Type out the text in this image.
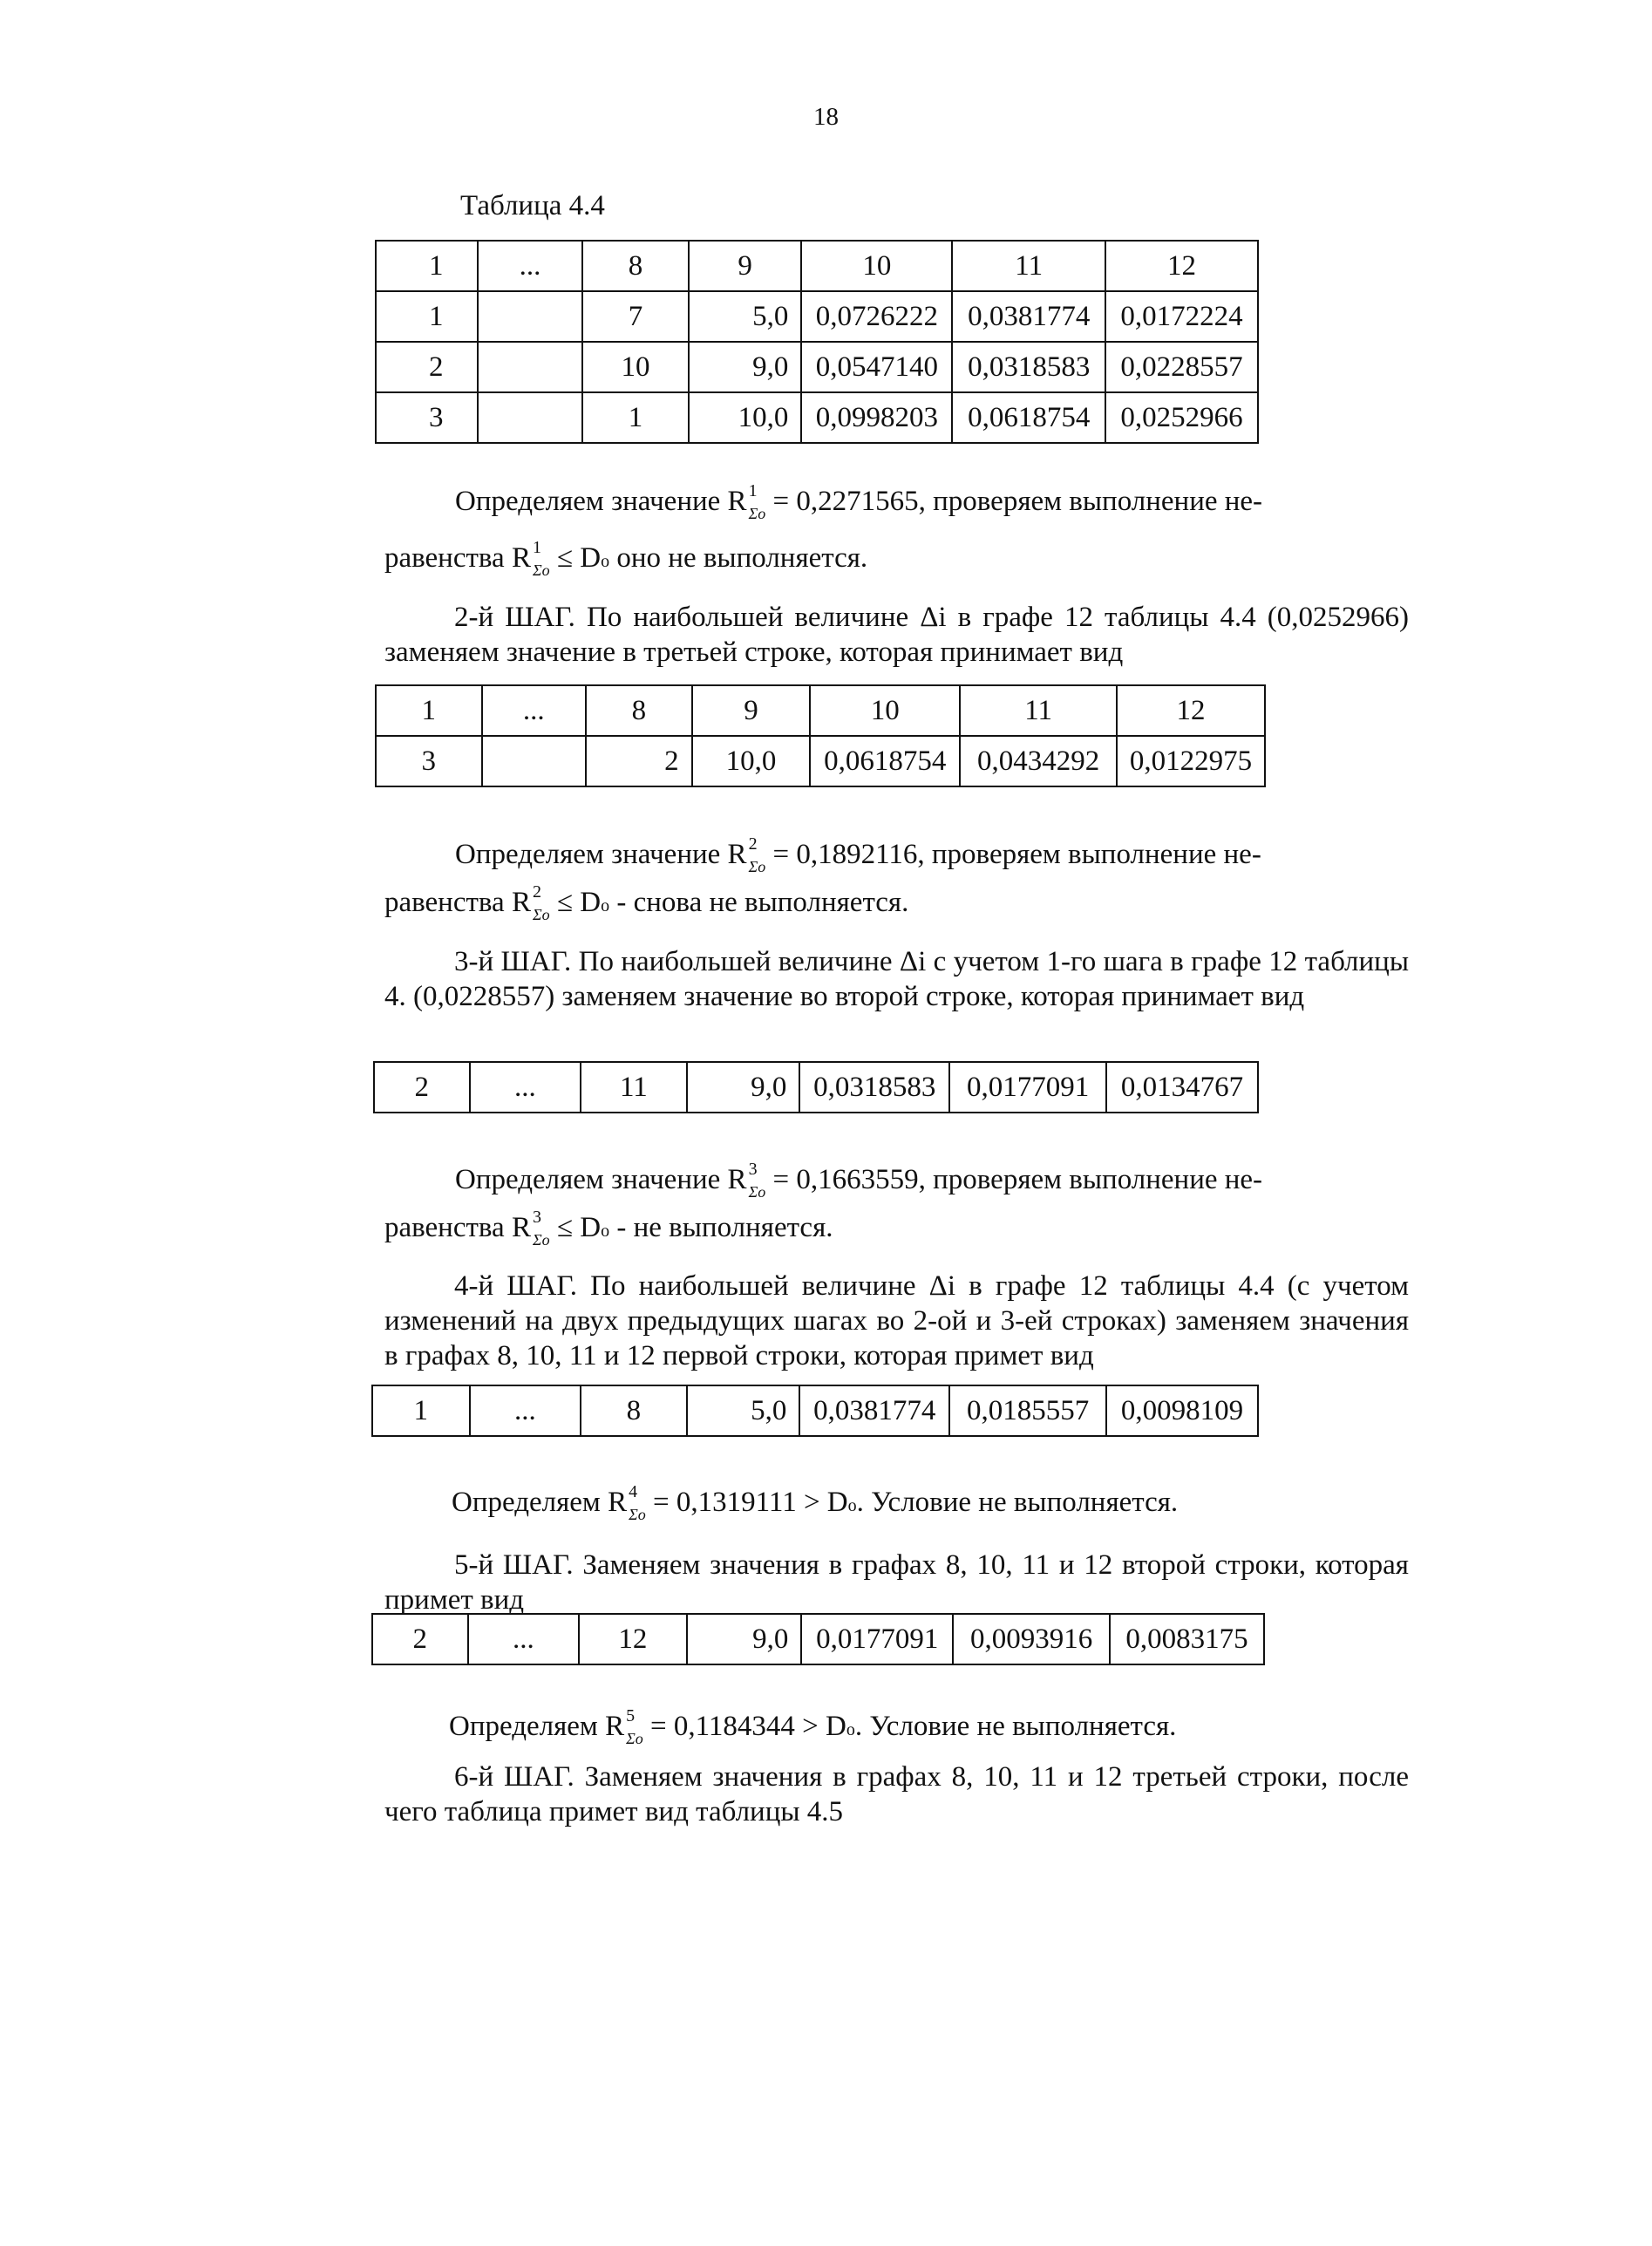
18
Таблица 4.4
1	...	8	9	10	11	12
1		7	5,0	0,0726222	0,0381774	0,0172224
2		10	9,0	0,0547140	0,0318583	0,0228557
3		1	10,0	0,0998203	0,0618754	0,0252966
Определяем значение R $^1_{\Sigma o}$ = 0,2271565, проверяем выполнение не-
равенства R $^1_{\Sigma o}$ ≤ Do оно не выполняется.
2-й ШАГ. По наибольшей величине Δi в графе 12 таблицы 4.4 (0,0252966) заменяем значение в третьей строке, которая принимает вид
1	...	8	9	10	11	12
3		2	10,0	0,0618754	0,0434292	0,0122975
Определяем значение R $^2_{\Sigma o}$ = 0,1892116, проверяем выполнение не-
равенства R $^2_{\Sigma o}$ ≤ Do - снова не выполняется.
3-й ШАГ. По наибольшей величине Δi с учетом 1-го шага в графе 12 таблицы 4. (0,0228557) заменяем значение во второй строке, которая принимает вид
2	...	11	9,0	0,0318583	0,0177091	0,0134767
Определяем значение R $^3_{\Sigma o}$ = 0,1663559, проверяем выполнение не-
равенства R $^3_{\Sigma o}$ ≤ Do - не выполняется.
4-й ШАГ. По наибольшей величине Δi в графе 12 таблицы 4.4 (с учетом изменений на двух предыдущих шагах во 2-ой и 3-ей строках) заменяем значения в графах 8, 10, 11 и 12 первой строки, которая примет вид
1	...	8	5,0	0,0381774	0,0185557	0,0098109
Определяем R $^4_{\Sigma o}$ = 0,1319111 > Do. Условие не выполняется.
5-й ШАГ. Заменяем значения в графах 8, 10, 11 и 12 второй строки, которая примет вид
2	...	12	9,0	0,0177091	0,0093916	0,0083175
Определяем R $^5_{\Sigma o}$ = 0,1184344 > Do. Условие не выполняется.
6-й ШАГ. Заменяем значения в графах 8, 10, 11 и 12 третьей строки, после чего таблица примет вид таблицы 4.5
